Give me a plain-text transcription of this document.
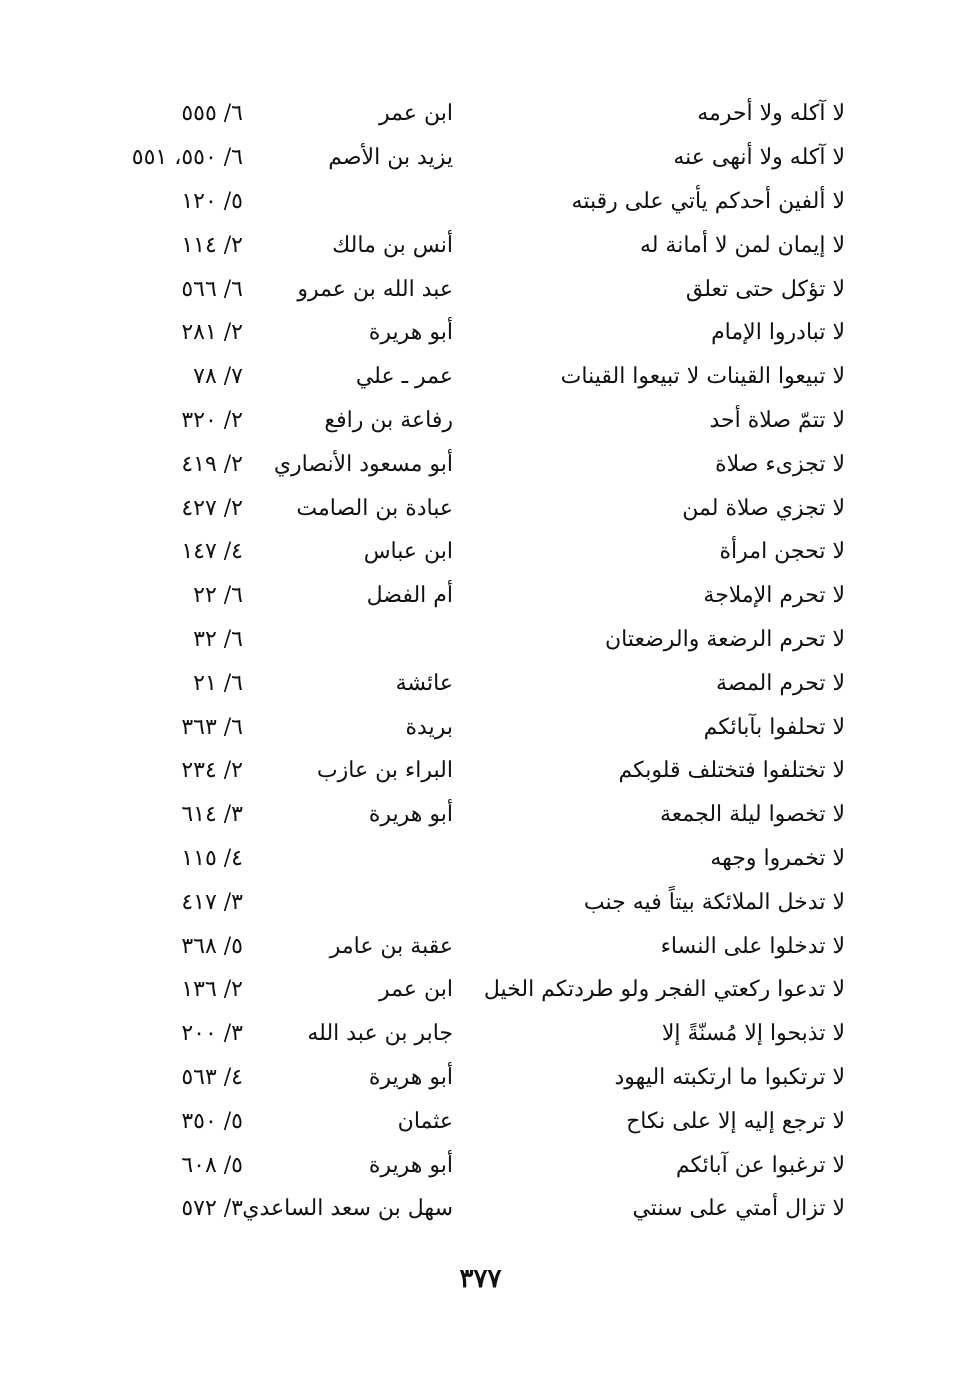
لا آكله ولا أحرمه
ابن عمر
٦/ ٥٥٥
لا آكله ولا أنهى عنه
يزيد بن الأصم
٦/ ٥٥٠، ٥٥١
لا ألفين أحدكم يأتي على رقبته
٥/ ١٢٠
لا إيمان لمن لا أمانة له
أنس بن مالك
٢/ ١١٤
لا تؤكل حتى تعلق
عبد الله بن عمرو
٦/ ٥٦٦
لا تبادروا الإمام
أبو هريرة
٢/ ٢٨١
لا تبيعوا القينات لا تبيعوا القينات
عمر ـ علي
٧/ ٧٨
لا تتمّ صلاة أحد
رفاعة بن رافع
٢/ ٣٢٠
لا تجزىء صلاة
أبو مسعود الأنصاري
٢/ ٤١٩
لا تجزي صلاة لمن
عبادة بن الصامت
٢/ ٤٢٧
لا تحجن امرأة
ابن عباس
٤/ ١٤٧
لا تحرم الإملاجة
أم الفضل
٦/ ٢٢
لا تحرم الرضعة والرضعتان
٦/ ٣٢
لا تحرم المصة
عائشة
٦/ ٢١
لا تحلفوا بآبائكم
بريدة
٦/ ٣٦٣
لا تختلفوا فتختلف قلوبكم
البراء بن عازب
٢/ ٢٣٤
لا تخصوا ليلة الجمعة
أبو هريرة
٣/ ٦١٤
لا تخمروا وجهه
٤/ ١١٥
لا تدخل الملائكة بيتاً فيه جنب
٣/ ٤١٧
لا تدخلوا على النساء
عقبة بن عامر
٥/ ٣٦٨
لا تدعوا ركعتي الفجر ولو طردتكم الخيل
ابن عمر
٢/ ١٣٦
لا تذبحوا إلا مُسنّةً إلا
جابر بن عبد الله
٣/ ٢٠٠
لا ترتكبوا ما ارتكبته اليهود
أبو هريرة
٤/ ٥٦٣
لا ترجع إليه إلا على نكاح
عثمان
٥/ ٣٥٠
لا ترغبوا عن آبائكم
أبو هريرة
٥/ ٦٠٨
لا تزال أمتي على سنتي
سهل بن سعد الساعدي
٣/ ٥٧٢
٣٧٧
